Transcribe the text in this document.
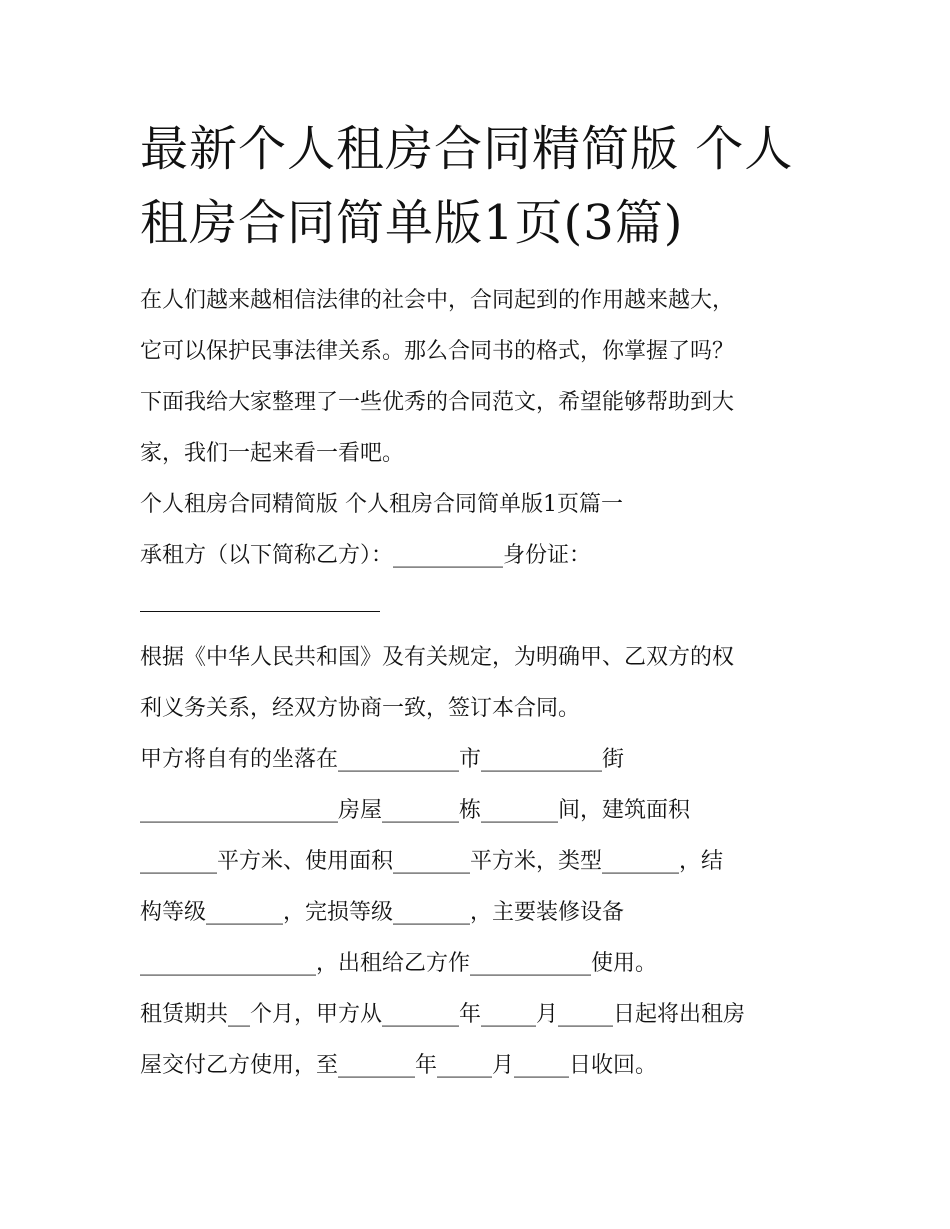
最新个人租房合同精简版 个人
租房合同简单版1页(3篇)
在人们越来越相信法律的社会中，合同起到的作用越来越大，
它可以保护民事法律关系。那么合同书的格式，你掌握了吗？
下面我给大家整理了一些优秀的合同范文，希望能够帮助到大
家，我们一起来看一看吧。
个人租房合同精简版 个人租房合同简单版1页篇一
承租方（以下简称乙方）：__________身份证：
根据《中华人民共和国》及有关规定，为明确甲、乙双方的权
利义务关系，经双方协商一致，签订本合同。
甲方将自有的坐落在___________市___________街
__________________房屋_______栋_______间，建筑面积
_______平方米、使用面积_______平方米，类型_______，结
构等级_______，完损等级_______，主要装修设备
________________，出租给乙方作___________使用。
租赁期共__个月，甲方从_______年_____月_____日起将出租房
屋交付乙方使用，至_______年_____月_____日收回。
